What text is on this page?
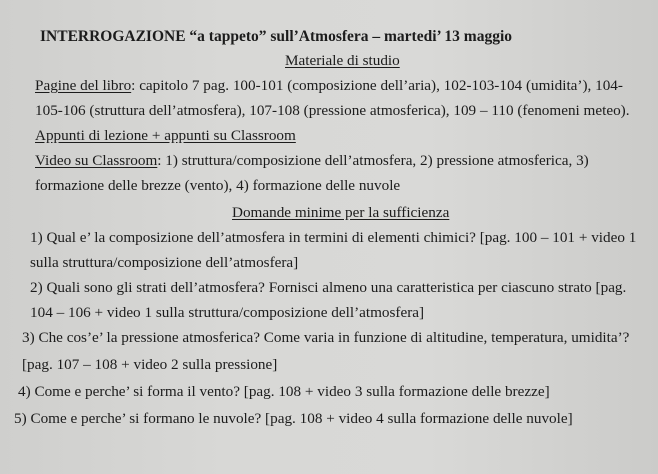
INTERROGAZIONE “a tappeto” sull’Atmosfera – martedi’ 13 maggio
Materiale di studio
Pagine del libro: capitolo 7 pag. 100-101 (composizione dell’aria), 102-103-104 (umidita’), 104-
105-106 (struttura dell’atmosfera), 107-108 (pressione atmosferica), 109 – 110 (fenomeni meteo).
Appunti di lezione + appunti su Classroom
Video su Classroom: 1) struttura/composizione dell’atmosfera, 2) pressione atmosferica, 3)
formazione delle brezze (vento), 4) formazione delle nuvole
Domande minime per la sufficienza
1) Qual e’ la composizione dell’atmosfera in termini di elementi chimici? [pag. 100 – 101 + video 1
sulla struttura/composizione dell’atmosfera]
2) Quali sono gli strati dell’atmosfera? Fornisci almeno una caratteristica per ciascuno strato [pag.
104 – 106 + video 1 sulla struttura/composizione dell’atmosfera]
3) Che cos’e’ la pressione atmosferica? Come varia in funzione di altitudine, temperatura, umidita’?
[pag. 107 – 108 + video 2 sulla pressione]
4) Come e perche’ si forma il vento? [pag. 108 + video 3 sulla formazione delle brezze]
5) Come e perche’ si formano le nuvole? [pag. 108 + video 4 sulla formazione delle nuvole]
